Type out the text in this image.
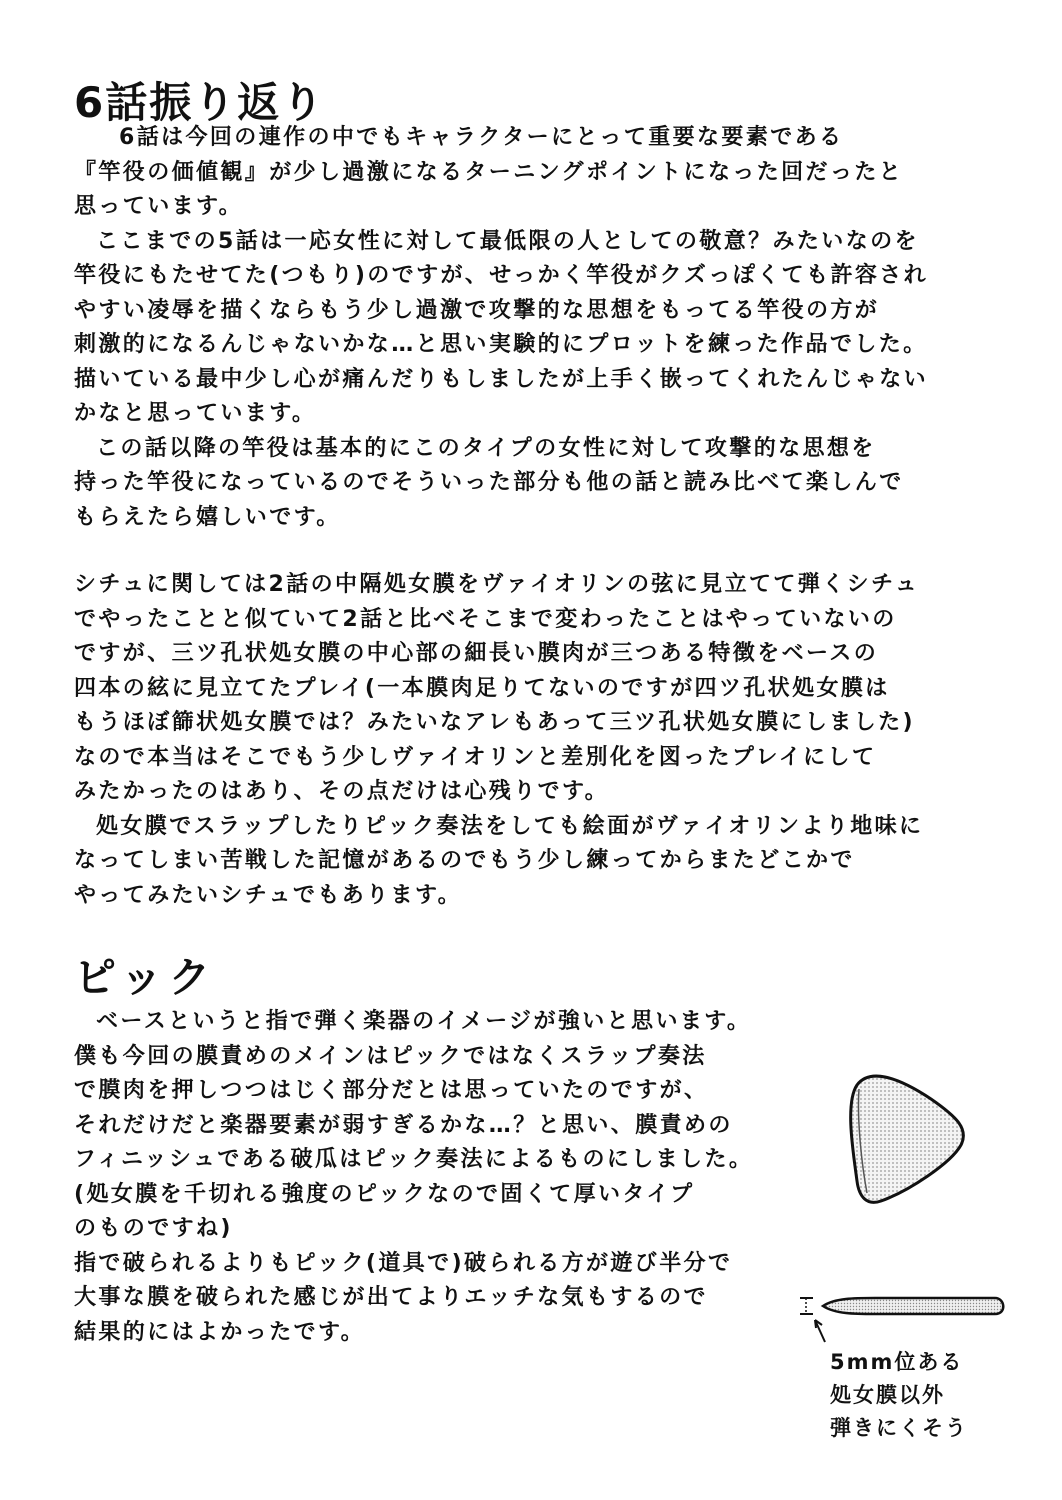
6話振り返り
6話は今回の連作の中でもキャラクターにとって重要な要素である
『竿役の価値観』が少し過激になるターニングポイントになった回だったと
思っています。
ここまでの5話は一応女性に対して最低限の人としての敬意？みたいなのを
竿役にもたせてた(つもり)のですが、せっかく竿役がクズっぽくても許容され
やすい凌辱を描くならもう少し過激で攻撃的な思想をもってる竿役の方が
刺激的になるんじゃないかな…と思い実験的にプロットを練った作品でした。
描いている最中少し心が痛んだりもしましたが上手く嵌ってくれたんじゃない
かなと思っています。
この話以降の竿役は基本的にこのタイプの女性に対して攻撃的な思想を
持った竿役になっているのでそういった部分も他の話と読み比べて楽しんで
もらえたら嬉しいです。
シチュに関しては2話の中隔処女膜をヴァイオリンの弦に見立てて弾くシチュ
でやったことと似ていて2話と比べそこまで変わったことはやっていないの
ですが、三ツ孔状処女膜の中心部の細長い膜肉が三つある特徴をベースの
四本の絃に見立てたプレイ(一本膜肉足りてないのですが四ツ孔状処女膜は
もうほぼ篩状処女膜では？みたいなアレもあって三ツ孔状処女膜にしました)
なので本当はそこでもう少しヴァイオリンと差別化を図ったプレイにして
みたかったのはあり、その点だけは心残りです。
処女膜でスラップしたりピック奏法をしても絵面がヴァイオリンより地味に
なってしまい苦戦した記憶があるのでもう少し練ってからまたどこかで
やってみたいシチュでもあります。
ピック
ベースというと指で弾く楽器のイメージが強いと思います。
僕も今回の膜責めのメインはピックではなくスラップ奏法
で膜肉を押しつつはじく部分だとは思っていたのですが、
それだけだと楽器要素が弱すぎるかな…？と思い、膜責めの
フィニッシュである破瓜はピック奏法によるものにしました。
(処女膜を千切れる強度のピックなので固くて厚いタイプ
のものですね)
指で破られるよりもピック(道具で)破られる方が遊び半分で
大事な膜を破られた感じが出てよりエッチな気もするので
結果的にはよかったです。
5mm位ある
処女膜以外
弾きにくそう
